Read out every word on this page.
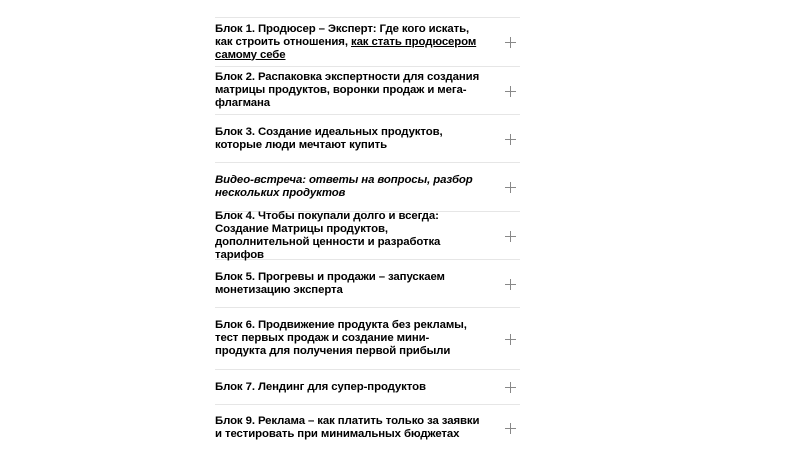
Блок 1. Продюсер – Эксперт: Где кого искать, как строить отношения, как стать продюсером самому себе
Блок 2. Распаковка экспертности для создания матрицы продуктов, воронки продаж и мега-флагмана
Блок 3. Создание идеальных продуктов, которые люди мечтают купить
Видео-встреча: ответы на вопросы, разбор нескольких продуктов
Блок 4. Чтобы покупали долго и всегда: Создание Матрицы продуктов, дополнительной ценности и разработка тарифов
Блок 5. Прогревы и продажи – запускаем монетизацию эксперта
Блок 6. Продвижение продукта без рекламы, тест первых продаж и создание мини-продукта для получения первой прибыли
Блок 7. Лендинг для супер-продуктов
Блок 9. Реклама – как платить только за заявки и тестировать при минимальных бюджетах
